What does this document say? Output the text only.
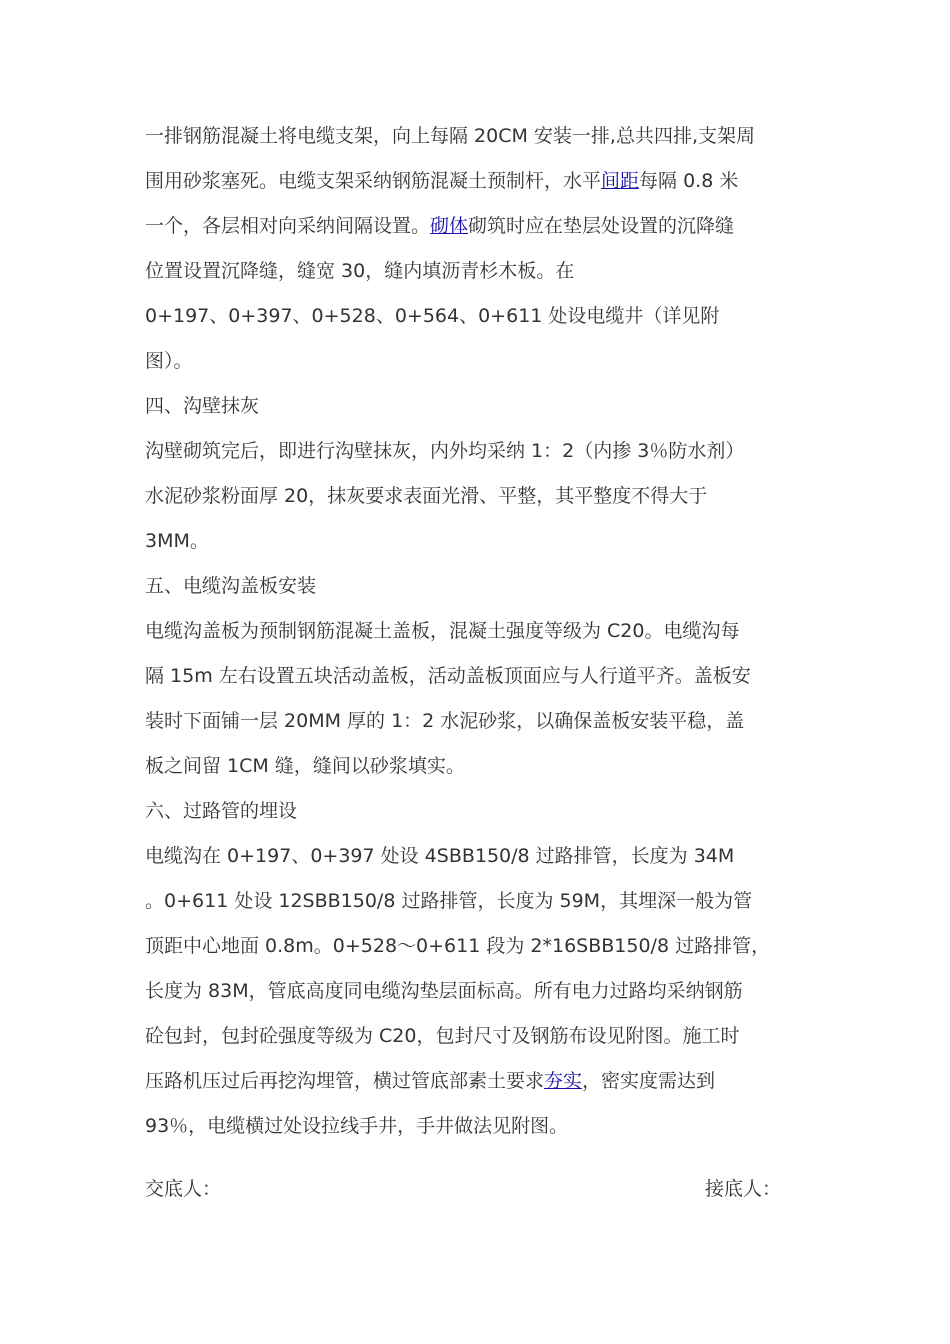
一排钢筋混凝土将电缆支架，向上每隔 20CM 安装一排,总共四排,支架周
围用砂浆塞死。电缆支架采纳钢筋混凝土预制杆，水平间距每隔 0.8 米
一个，各层相对向采纳间隔设置。砌体砌筑时应在垫层处设置的沉降缝
位置设置沉降缝，缝宽 30，缝内填沥青杉木板。在
0+197、0+397、0+528、0+564、0+611 处设电缆井（详见附
图）。
四、沟壁抹灰
沟壁砌筑完后，即进行沟壁抹灰，内外均采纳 1：2（内掺 3％防水剂）
水泥砂浆粉面厚 20，抹灰要求表面光滑、平整，其平整度不得大于
3MM。
五、电缆沟盖板安装
电缆沟盖板为预制钢筋混凝土盖板，混凝土强度等级为 C20。电缆沟每
隔 15m 左右设置五块活动盖板，活动盖板顶面应与人行道平齐。盖板安
装时下面铺一层 20MM 厚的 1：2 水泥砂浆，以确保盖板安装平稳，盖
板之间留 1CM 缝，缝间以砂浆填实。
六、过路管的埋设
电缆沟在 0+197、0+397 处设 4SBB150/8 过路排管，长度为 34M
。0+611 处设 12SBB150/8 过路排管，长度为 59M，其埋深一般为管
顶距中心地面 0.8m。0+528～0+611 段为 2*16SBB150/8 过路排管，
长度为 83M，管底高度同电缆沟垫层面标高。所有电力过路均采纳钢筋
砼包封，包封砼强度等级为 C20，包封尺寸及钢筋布设见附图。施工时
压路机压过后再挖沟埋管，横过管底部素土要求夯实，密实度需达到
93％，电缆横过处设拉线手井，手井做法见附图。
交底人：	接底人：
